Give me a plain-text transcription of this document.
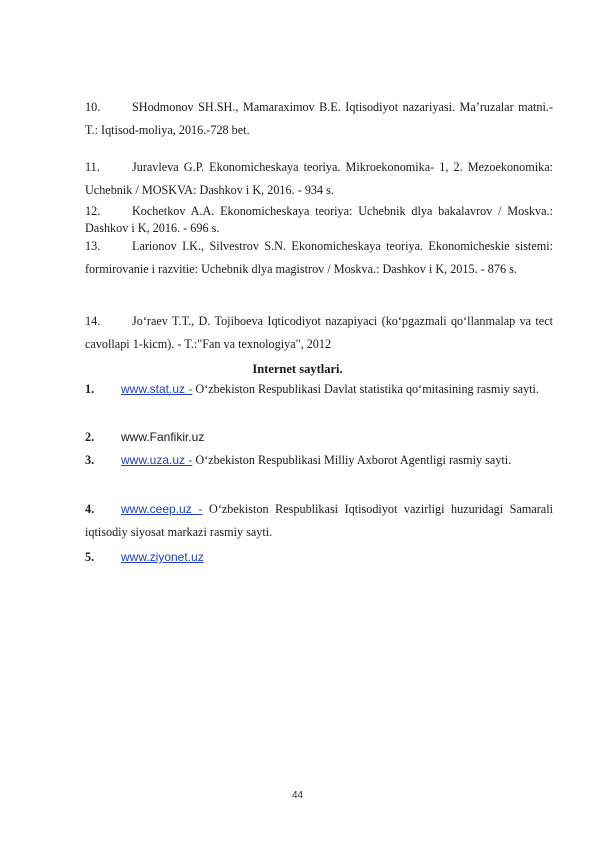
10.	SHodmonov SH.SH., Mamaraximov B.E. Iqtisodiyot nazariyasi. Ma’ruzalar matni.-T.: Iqtisod-moliya, 2016.-728 bet.
11.	Juravleva G.P. Ekonomicheskaya teoriya. Mikroekonomika- 1, 2. Mezoekonomika: Uchebnik / MOSKVA: Dashkov i K, 2016. - 934 s.
12.	Kochetkov A.A. Ekonomicheskaya teoriya: Uchebnik dlya bakalavrov / Moskva.: Dashkov i K, 2016. - 696 s.
13.	Larionov I.K., Silvestrov S.N. Ekonomicheskaya teoriya. Ekonomicheskie sistemi: formirovanie i razvitie: Uchebnik dlya magistrov / Moskva.: Dashkov i K, 2015. - 876 s.
14.	Jo‘raev T.T., D. Tojiboeva Iqticodiyot nazapiyaci (ko‘pgazmali qo‘llanmalap va tect cavollapi 1-kicm). - T.:"Fan va texnologiya", 2012
Internet saytlari.
1. www.stat.uz - O‘zbekiston Respublikasi Davlat statistika qo‘mitasining rasmiy sayti.
2. www.Fanfikir.uz
3. www.uza.uz - O‘zbekiston Respublikasi Milliy Axborot Agentligi rasmiy sayti.
4. www.ceep.uz - O‘zbekiston Respublikasi Iqtisodiyot vazirligi huzuridagi Samarali iqtisodiy siyosat markazi rasmiy sayti.
5. www.ziyonet.uz
44
